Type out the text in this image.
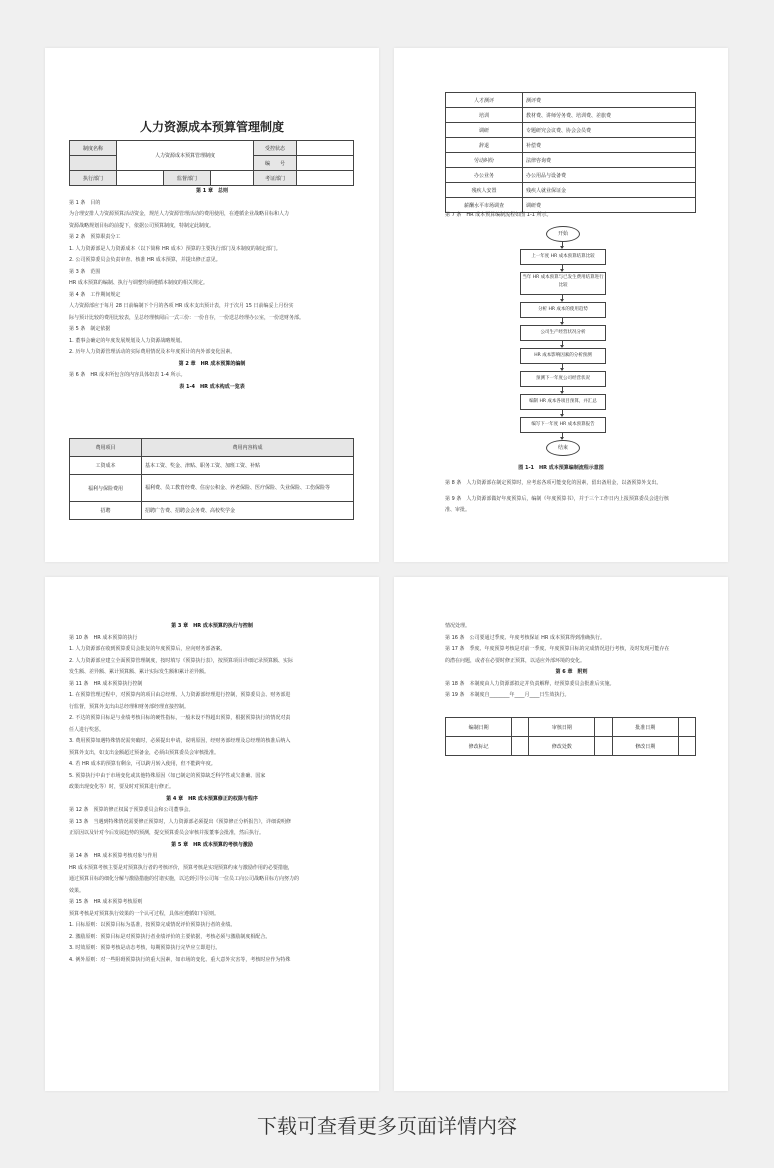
人力资源成本预算管理制度
制度名称	人力资源成本预算管理制度			受控状态	
				编　　号	
执行部门		监督部门		考证部门	

第 1 章　总则

第 1 条　目的

为合理安排人力资源预算活动资金，规范人力资源管理活动的费用使用，在遵循企业战略目标和人力

资源战略规划目标的前提下，依据公司预算制度，特制定此制度。

第 2 条　预算职责分工

1. 人力资源部是人力资源成本（以下简称 HR 成本）预算的主要执行部门及本制度的制定部门。

2. 公司预算委员会负责审查、核准 HR 成本预算，并提出修正意见。

第 3 条　范围

HR 成本预算的编制、执行与调整均须遵循本制度的相关规定。

第 4 条　工作期间规定

人力资源部应于每月 28 日前编制下个月的各项 HR 成本支出预计表，并于次月 15 日前编妥上月份实

际与预计比较的费用比较表，呈总经理核阅后一式三份：一份自存，一份送总经理办公室，一份送财务部。

第 5 条　制定依据

1. 董事会确定的年度发展规划及人力资源战略规划。

2. 历年人力资源管理活动的实际费用情况及本年度预计的内外部变化因素。

第 2 章　HR 成本预算的编制

第 6 条　HR 成本所包含的内容具体如表 1-4 所示。

表 1-4　HR 成本构成一览表

费用项目	费用内容构成
工资成本	基本工资、奖金、津贴、职务工资、加班工资、补贴
福利与保险费用	福利费、员工教育经费、住房公积金、养老保险、医疗保险、失业保险、工伤保险等
招聘	招聘广告费、招聘会会务费、高校奖学金
人才测评	测评费
培训	教材费、讲师劳务费、培训费、差旅费
调研	专题研究会议费、协会会员费
辞退	补偿费
劳动纠纷	法律咨询费
办公业务	办公用品与设备费
残疾人安置	残疾人就业保证金
薪酬水平市场调查	调研费

第 7 条　HR 成本预算编制流程如图 1-1 所示。

开始
上一年度 HR 成本预算结算比较
当年 HR 成本预算与已发生费用结算进行比较
分析 HR 成本的使用趋势
公司生产经营状况分析
HR 成本影响因素的分析预测
预测下一年度公司经营状况
编制 HR 成本各项目预算，并汇总
编写下一年度 HR 成本预算报告
结束
图 1-1　HR 成本预算编制流程示意图

第 8 条　人力资源部在制定预算时，应考虑各项可能变化的因素，留出备用金，以备预算外支出。

第 9 条　人力资源部做好年度预算后，编制《年度预算书》，并于三个工作日内上报预算委员会进行核

准、审批。

第 3 章　HR 成本预算的执行与控制

第 10 条　HR 成本预算的执行

1. 人力资源部在收到预算委员会批复的年度预算后，应向财务部备案。

2. 人力资源部应建立全面预算管理制度，按时填写《预算执行表》，按预算项目详细记录预算额、实际

发生额、差异额、累计预算额、累计实际发生额和累计差异额。

第 11 条　HR 成本预算执行控制

1. 在预算管理过程中，对预算内的项目由总经理、人力资源部经理进行控制，预算委员会、财务部进

行监督，预算外支出由总经理和财务部经理直接控制。

2. 不达的预算目标是与业绩考核目标的硬性指标，一般未设不得超出预算，根据预算执行的情况对责

任人进行奖惩。

3. 费用预算如遇特殊情况需突破时，必须提出申请，说明原因，经财务部经理及总经理的核准后纳入

预算外支出，如支出金额超过预备金，必须由预算委员会审核批准。

4. 若 HR 成本的预算有剩余，可以跨月转入使用，但不能跨年度。

5. 预算执行中由于市场变化或其他特殊原因（如已制定的预算缺乏科学性或欠准确、国家

政策出现变化等）时，要及时对预算进行修正。

第 4 章　HR 成本预算修正的权限与程序

第 12 条　预算的修正权属于预算委员会和公司董事会。

第 13 条　当遇到特殊情况需要修正预算时，人力资源部必须提出《预算修正分析报告》，详细说明修

正原因以及针对今后发展趋势的预测，提交预算委员会审核并报董事会批准，然后执行。

第 5 章　HR 成本预算的考核与激励

第 14 条　HR 成本预算考核对象与作用

HR 成本预算考核主要是对预算执行者的考核评价，预算考核是实现预算约束与激励作用的必要措施，

通过预算目标的细化分解与激励措施的付诸实施，以达到引导公司每一位员工向公司战略目标方向努力的

效果。

第 15 条　HR 成本预算考核原则

预算考核是对预算执行效果的一个认可过程，具体应遵循如下原则。

1. 目标原则：以预算目标为基准，按预算完成情况评价预算执行者的业绩。

2. 激励原则：预算目标是对预算执行者业绩评价的主要依据，考核必须与激励制度相配合。

3. 时效原则：预算考核是动态考核，每期预算执行完毕应立即进行。

4. 例外原则：对一些阻碍预算执行的重大因素，如市场的变化、重大意外灾害等，考核时应作为特殊

情况处理。

第 16 条　公司要通过季度、年度考核保证 HR 成本预算得到准确执行。

第 17 条　季度、年度预算考核是对前一季度、年度预算目标的完成情况进行考核，及时发现可能存在

的潜在问题，或者在必要时修正预算，以适应外部环境的变化。

第 6 章　附则

第 18 条　本制度由人力资源部拟定并负责解释，经预算委员会批准后实施。

第 19 条　本制度自________年____月____日生效执行。

编制日期		审核日期		批准日期	
修改标记		修改处数		修改日期	
下载可查看更多页面详情内容
